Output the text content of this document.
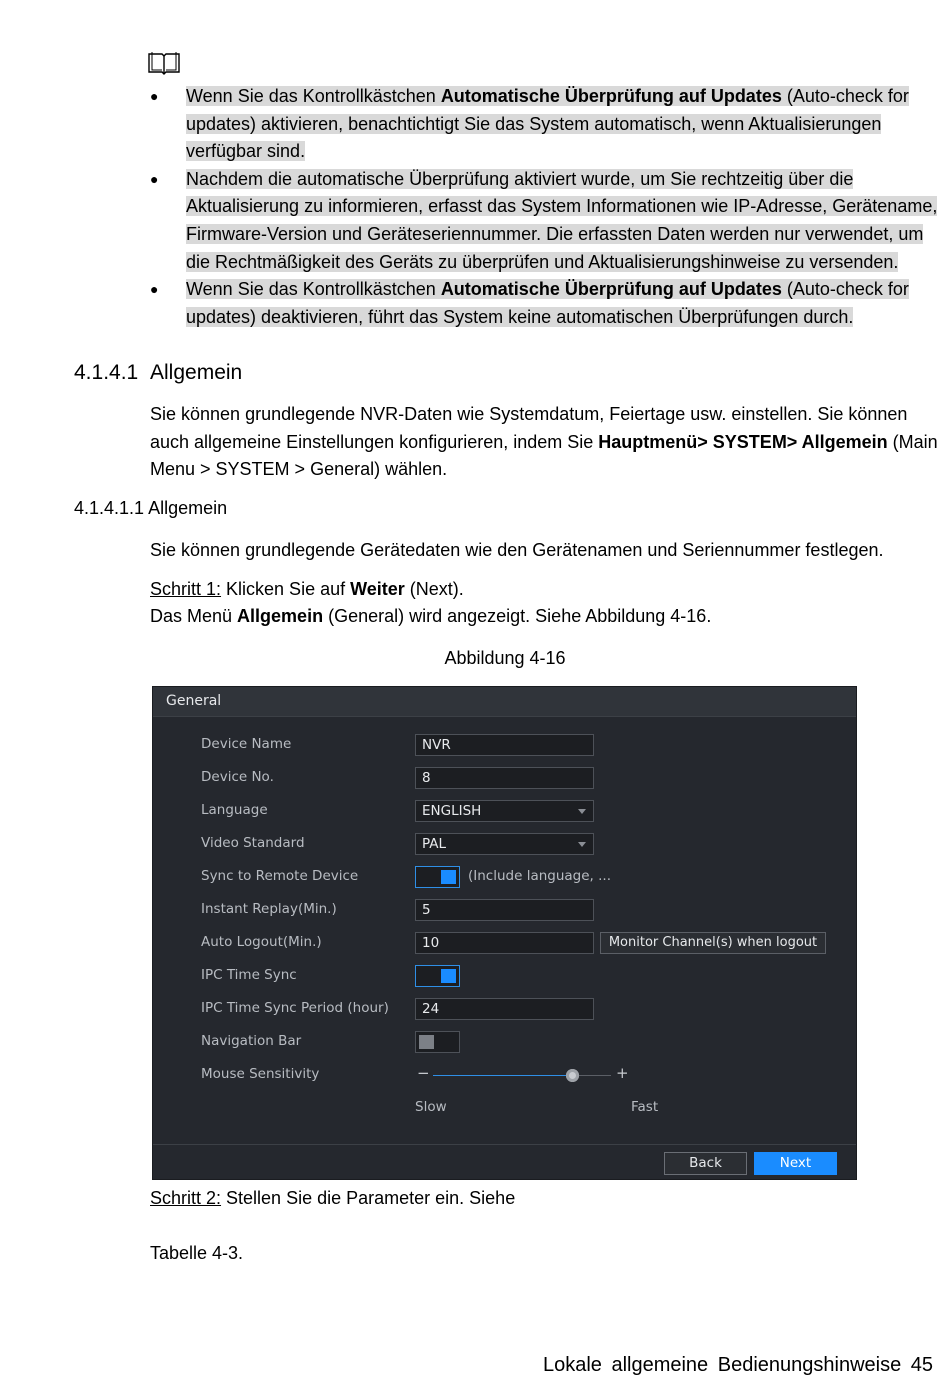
● Wenn Sie das Kontrollkästchen Automatische Überprüfung auf Updates (Auto-check for updates) aktivieren, benachtichtigt Sie das System automatisch, wenn Aktualisierungen verfügbar sind.
● Nachdem die automatische Überprüfung aktiviert wurde, um Sie rechtzeitig über die Aktualisierung zu informieren, erfasst das System Informationen wie IP-Adresse, Gerätename, Firmware-Version und Geräteseriennummer. Die erfassten Daten werden nur verwendet, um die Rechtmäßigkeit des Geräts zu überprüfen und Aktualisierungshinweise zu versenden.
● Wenn Sie das Kontrollkästchen Automatische Überprüfung auf Updates (Auto-check for updates) deaktivieren, führt das System keine automatischen Überprüfungen durch.
4.1.4.1 Allgemein
Sie können grundlegende NVR-Daten wie Systemdatum, Feiertage usw. einstellen. Sie können auch allgemeine Einstellungen konfigurieren, indem Sie Hauptmenü> SYSTEM> Allgemein (Main Menu > SYSTEM > General) wählen.
4.1.4.1.1 Allgemein
Sie können grundlegende Gerätedaten wie den Gerätenamen und Seriennummer festlegen.
Schritt 1: Klicken Sie auf Weiter (Next).
Das Menü Allgemein (General) wird angezeigt. Siehe Abbildung 4-16.
Abbildung 4-16
General
Device Name	NVR
Device No.	8
Language	ENGLISH
Video Standard	PAL
Sync to Remote Device	(Include language, ...
Instant Replay(Min.)	5
Auto Logout(Min.)	10	Monitor Channel(s) when logout
IPC Time Sync
IPC Time Sync Period (hour)	24
Navigation Bar
Mouse Sensitivity	−	+
Slow	Fast
Back	Next
Schritt 2: Stellen Sie die Parameter ein. Siehe
Tabelle 4-3.
Lokale allgemeine Bedienungshinweise 45
